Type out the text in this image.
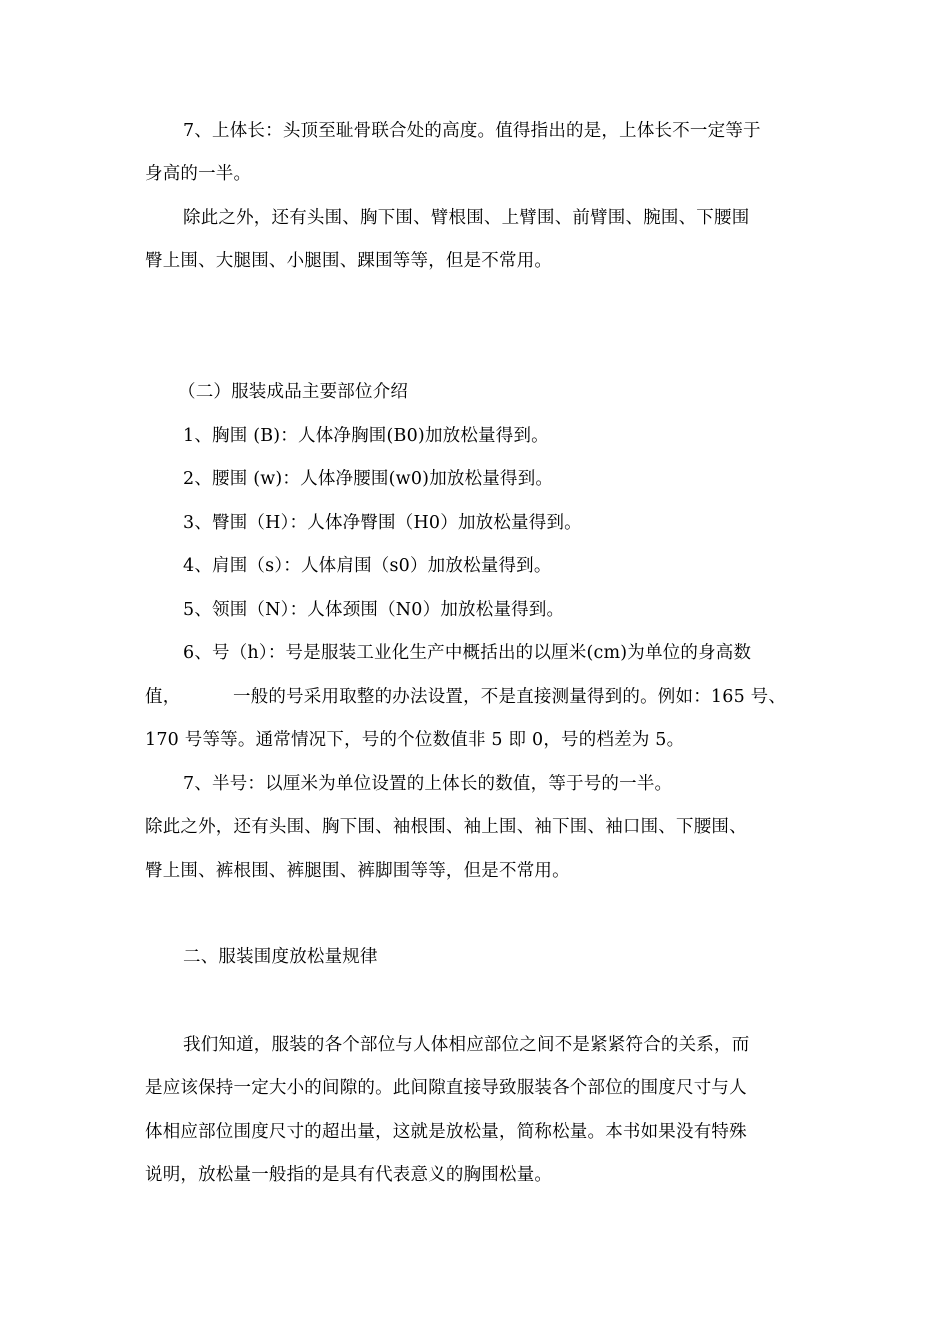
7、上体长：头顶至耻骨联合处的高度。值得指出的是，上体长不一定等于
身高的一半。
除此之外，还有头围、胸下围、臂根围、上臂围、前臂围、腕围、下腰围
臀上围、大腿围、小腿围、踝围等等，但是不常用。
（二）服装成品主要部位介绍
1、胸围 (B)：人体净胸围(B0)加放松量得到。
2、腰围 (w)：人体净腰围(w0)加放松量得到。
3、臀围（H）：人体净臀围（H0）加放松量得到。
4、肩围（s）：人体肩围（s0）加放松量得到。
5、领围（N）：人体颈围（N0）加放松量得到。
6、号（h）：号是服装工业化生产中概括出的以厘米(cm)为单位的身高数
值，	一般的号采用取整的办法设置，不是直接测量得到的。例如：165 号、
170 号等等。通常情况下，号的个位数值非 5 即 0，号的档差为 5。
7、半号：以厘米为单位设置的上体长的数值，等于号的一半。
除此之外，还有头围、胸下围、袖根围、袖上围、袖下围、袖口围、下腰围、
臀上围、裤根围、裤腿围、裤脚围等等，但是不常用。
二、服装围度放松量规律
我们知道，服装的各个部位与人体相应部位之间不是紧紧符合的关系，而
是应该保持一定大小的间隙的。此间隙直接导致服装各个部位的围度尺寸与人
体相应部位围度尺寸的超出量，这就是放松量，简称松量。本书如果没有特殊
说明，放松量一般指的是具有代表意义的胸围松量。
